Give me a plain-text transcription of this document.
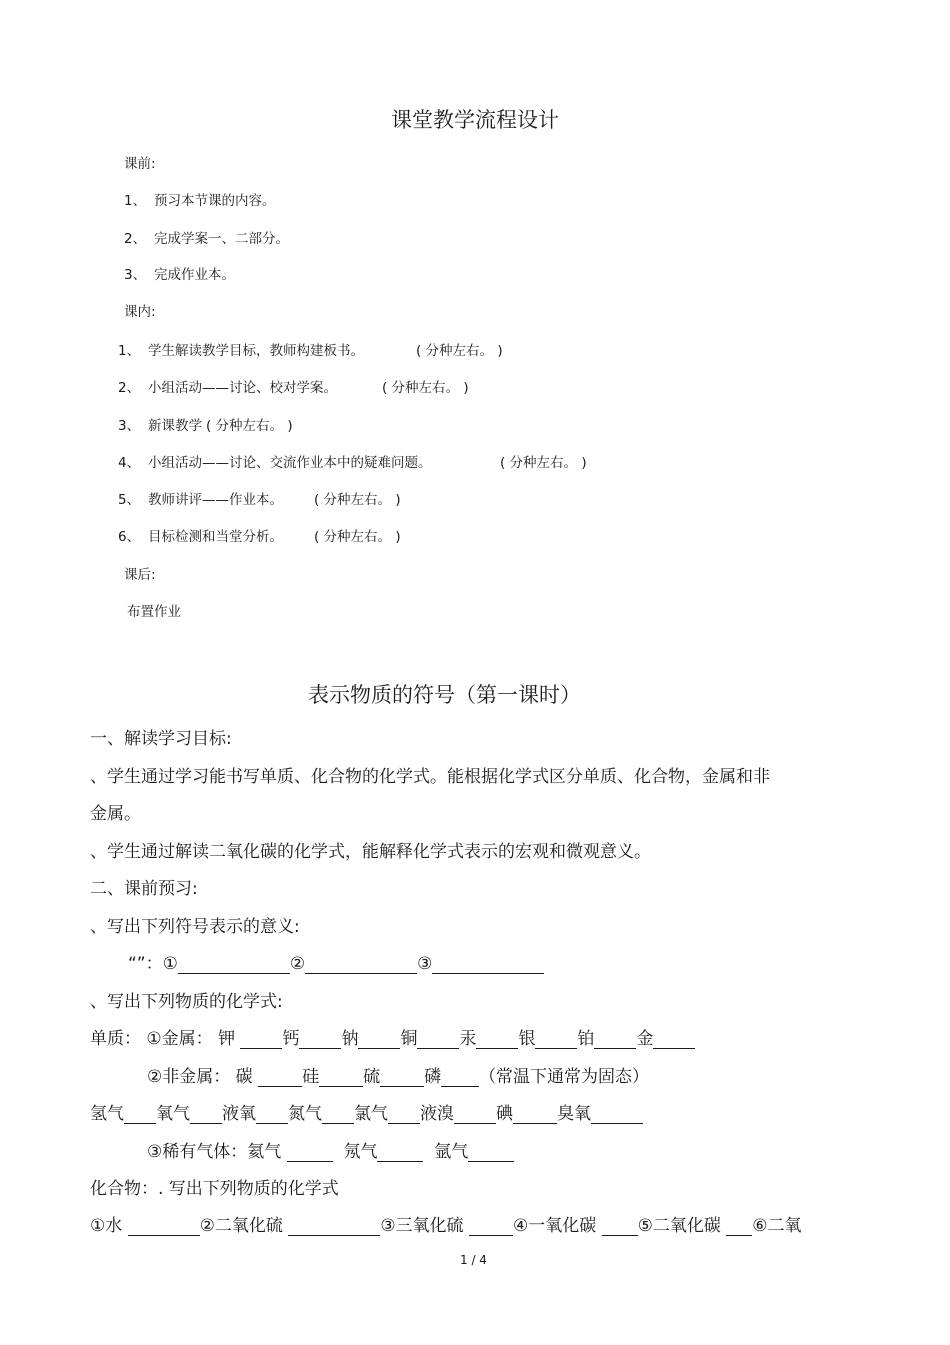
课堂教学流程设计
课前:
1、 预习本节课的内容。
2、 完成学案一、二部分。
3、 完成作业本。
课内:
1、 学生解读教学目标，教师构建板书。	( 分种左右。 )
2、 小组活动——讨论、校对学案。	( 分种左右。 )
3、 新课教学 ( 分种左右。 )
4、 小组活动——讨论、交流作业本中的疑难问题。	( 分种左右。 )
5、 教师讲评——作业本。 ( 分种左右。 )
6、 目标检测和当堂分析。 ( 分种左右。 )
课后:
布置作业
表示物质的符号（第一课时）
一、解读学习目标:
、学生通过学习能书写单质、化合物的化学式。能根据化学式区分单质、化合物，金属和非
金属。
、学生通过解读二氧化碳的化学式，能解释化学式表示的宏观和微观意义。
二、课前预习:
、写出下列符号表示的意义:
“”：①	②	③
、写出下列物质的化学式:
单质： ①金属： 钾	钙 钠 铜 汞 银 铂 金
②非金属： 碳	硅	硫	磷 （常温下通常为固态）
氢气 氧气 液氧 氮气 氯气 液溴 碘	臭氧
③稀有气体：氦气	氖气	氩气
化合物：. 写出下列物质的化学式
①水	②二氧化硫	③三氧化硫	④一氧化碳 ⑤二氧化碳 ⑥二氧
1 / 4
